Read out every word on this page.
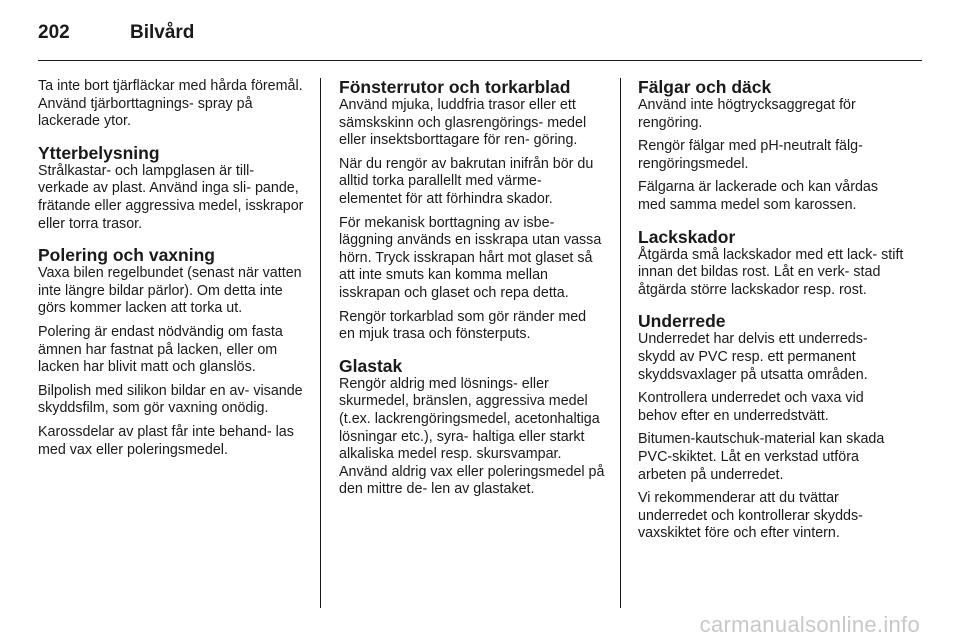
202	Bilvård

Ta inte bort tjärfläckar med hårda föremål. Använd tjärborttagnings- spray på lackerade ytor.

Ytterbelysning

Strålkastar- och lampglasen är till- verkade av plast. Använd inga sli- pande, frätande eller aggressiva medel, isskrapor eller torra trasor.

Polering och vaxning

Vaxa bilen regelbundet (senast när vatten inte längre bildar pärlor). Om detta inte görs kommer lacken att torka ut.

Polering är endast nödvändig om fasta ämnen har fastnat på lacken, eller om lacken har blivit matt och glanslös.

Bilpolish med silikon bildar en av- visande skyddsfilm, som gör vaxning onödig.

Karossdelar av plast får inte behand- las med vax eller poleringsmedel.

Fönsterrutor och torkarblad

Använd mjuka, luddfria trasor eller ett sämskskinn och glasrengörings- medel eller insektsborttagare för ren- göring.

När du rengör av bakrutan inifrån bör du alltid torka parallellt med värme- elementet för att förhindra skador.

För mekanisk borttagning av isbe- läggning används en isskrapa utan vassa hörn. Tryck isskrapan hårt mot glaset så att inte smuts kan komma mellan isskrapan och glaset och repa detta.

Rengör torkarblad som gör ränder med en mjuk trasa och fönsterputs.

Glastak

Rengör aldrig med lösnings- eller skurmedel, bränslen, aggressiva medel (t.ex. lackrengöringsmedel, acetonhaltiga lösningar etc.), syra- haltiga eller starkt alkaliska medel resp. skursvampar. Använd aldrig vax eller poleringsmedel på den mittre de- len av glastaket.

Fälgar och däck

Använd inte högtrycksaggregat för rengöring.

Rengör fälgar med pH-neutralt fälg- rengöringsmedel.

Fälgarna är lackerade och kan vårdas med samma medel som karossen.

Lackskador

Åtgärda små lackskador med ett lack- stift innan det bildas rost. Låt en verk- stad åtgärda större lackskador resp. rost.

Underrede

Underredet har delvis ett underreds- skydd av PVC resp. ett permanent skyddsvaxlager på utsatta områden.

Kontrollera underredet och vaxa vid behov efter en underredstvätt.

Bitumen-kautschuk-material kan skada PVC-skiktet. Låt en verkstad utföra arbeten på underredet.

Vi rekommenderar att du tvättar underredet och kontrollerar skydds- vaxskiktet före och efter vintern.

carmanualsonline.info
